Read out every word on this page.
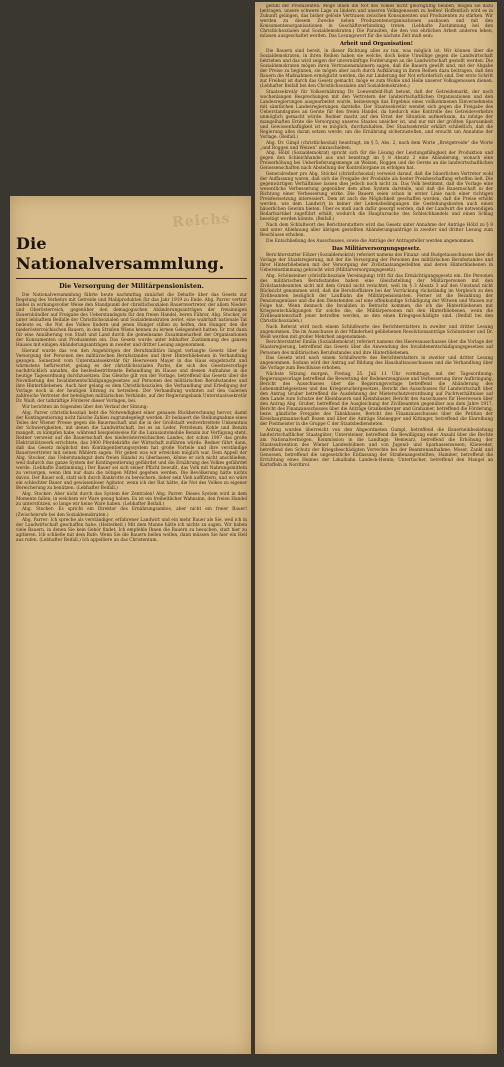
Reichs
Die Nationalversammlung.
Die Versorgung der Militärpensionisten.

Die Nationalversammlung führte heute nachmittag zunächst die Debatte über das Gesetz zur Regelung des Verkehrs mit Getreide und Mahlprodukten für das Jahr 1919 zu Ende. Abg. Parrer vertrat hiebei in wirkungsvoller Weise den Standpunkt der christlichsozialen Bauernvertreter, der allem Nieder- und Oberösterreich, gegenüber den demagogischen Abänderungsanträgen der freisinnigen Bauernbündler auf Freigabe des Ueberstandsguts für den freien Handel, beren Führer, Abg. Stocker, er unter lebhaftem Beifalle der Christlichsozialen und Sozialdemokraten zeriet, eine wahrhaft nationale Tat bedeute es, die Not des Volkes lindern und jenen Hunger stillen zu helfen, den Hunger, den die niederösterreichischen Bauern, in den Straßen Wiens kennen zu lernen Gelegenheit hatten. Er trat dann für eine Annäherung von Stadt und Land durch die gemeinsame Zusammenarbeit der Organisationen der Konsumenten und Produzenten ein. Das Gesetz wurde unter lebhafter Zustimmung des ganzen Hauses mit einigen Abänderungsanträgen in zweiter und dritter Lesung angenommen.

Hierauf wurde das von den Angehörigen der Berufsmilitärs längst verlangte Gesetz über die Versorgung der Personen des militärischen Berufsstandes und ihrer Hinterbliebenen in Verhandlung gezogen. Seinerzeit vom Unterstaatssekretär für Heerwesen Mayer in das Haus eingebracht und wärmstens befürwortet, gelang es der christlichsozialen Partei, die sich des Gesetzesvorlage nachdrücklich annahm, die hesfesbestrittenste Behandlung im Hause und dessen Aufnahme in die heutige Tagesordnung durchzusetzen. Das Gleiche gilt von der Vorlage, betreffend das Gesetz über die Novellierung des Invalidenentschädigungsgesetzes auf Personen des militärischen Berufsstandes und ihre Hinterbliebenen. Auch hier gelang es dem Christlichsozialen, die Verhandlung und Erledigung der Vorlage noch in der heutigen Sitzung zu betreiben. Der Verhandlung wohnten auf den Galerien zahlreiche Vertreter der beteiligten militärischen Verbände, auf der Regierungsbank Unterstaatssekretär Dr. Waiß, der tatkräftige Förderer dieser Vorlagen, bei.

Wir berichten im folgenden über den Verlauf der Sitzung:

Abg. Parrer (christlichsozial) hebt die Notwendigkeit einer genauen Rückberechnung hervor, damit der Kontingentierung nicht falsche Zahlen zugrundegelegt werden. Er bedauert die Stellungnahme eines Teiles der Wiener Presse gegen die Bauernschaft und die in der Großstadt weitverbreitete Unkenntnis der Schwierigkeiten, mit denen die Landwirtschaft, bei es an Leder, Petroleum, Kohle und Benzin mangelt, zu kämpfen habe, während beispielsweise für die Luxusautomobile Benzin zur Verfügung steht. Redner verweist auf die Bauernschaft des niederösterreichischen Landes, der schon 1907 das große Elektrizitätswerk errichtete, das 3400 Pferdekräfte der Wirtschaft zuführen würde. Redner führt dann, daß das Gesetz möglichst den Kontingentierungssystem hat große Vorteile und ihre verständige Bauernvertreter mit seinen Wählern sagen: Wir geben was wir erreichen möglich war. Dem Appell der Abg. Stocker, das Ueberstandsgut dem freien Handel zu überlassen, könne er sich nicht anschließen, weil dadurch das ganze System der Kontingentierung gefährdet und die Ernährung des Volkes gefährdet werde. (Lebhafte Zustimmung.) Der Bauer sei sich seiner Pflicht bewußt, das Volk mit Nahrungsmitteln zu versorgen, wenn ihm nur dazu die nötigen Mittel gegeben werden. Die Bevölkerung hätte nichts davon. Der Bauer soll, statt sich durch Bankrotte zu bereichern, lieber sein Vieh auffüttern, und wo wäre ein schlechter Bauer und gewissenloser Agitator, wenn ich der Rat hätte, die Not des Volkes zu eigener Bereicherung zu benützen. (Lebhafter Beifall.)

Abg. Stocker: Aber nicht durch das System der Zentralen! Abg. Parrer: Dieses System wird in dem Momente fallen, in welchem wir Ware genug haben. Es ist ein freiheitlicher Wahnsinn, den freien Handel zu unterstützen, so lange wir keine Ware haben. (Lebhafter Beifall.)

Abg. Stocker: Es spricht ein Direktor des Ernährungsamtes, aber nicht ein freier Bauer! (Zwischenrufe bei den Sozialdemokraten.)

Abg. Parrer: Ich spreche als verständiger, erfahrener Landwirt und ein mehr Bauer als Sie, weil ich in der Landwirtschaft geschaffen habe. (Heiterkeit.) Mit dem Manne hätte ich nichts zu sagen. Wir haben viele Bauern, in denen Sie kein Gehör findet. Ich empfehle Ihnen die Bauern zu besuchen, statt hier zu agitieren. Ich schließe mit dem Rufe: Wenn Sie die Bauern heilen wollen, dann müssen Sie hier ein Heil aus rufen. (Lebhafter Beifall.) Ich appelliere an das Christentum.

gefühl der Produzenten: Möge ihnen die Not des Volkes nicht gleichgültig bleiben, mögen sie dazu beitragen, unsere schwere Lage zu lindern und unseren Volksgenossen zu helfen! Hoffentlich wird es in Zukunft gelingen, das bisher gelöste Vertrauen zwischen Konsumenten und Produzenten zu stärken. Wir werden zu diesem Zwecke neben Produzentenorganisationen ausbauen und mit den Konsumentenorganisationen in Geschäftsverbindung treten. (Lebhafte Zustimmung bei den Christlichsozialen und Sozialdemokraten.) Die Parasiten, die den von ehrlichen Arbeit anderen leben, müssen ausgeschaltet werden. Das Losungswort für die nächste Zeit muß sein:

Arbeit und Organisation!

Die Bauern sind bereit, in dieser Richtung alles zu tun, was möglich ist. Wir können über die Sozialdemokraten, in ihren Reihen haben sie welche, doch keine Unwillige gegen die Landwirtschaft betrieben und das wird zeigen der unvernünftige Forderungen an die Landwirtschaft gestellt werden. Die Sozialdemokraten mögen ihren Vertrauensmännern sagen, daß die Bauern gewillt sind, mit der Abgabe der Preise zu beginnen, sie mögen aber auch durch Aufklärung in ihren Reihen dazu beitragen, daß den Bauern die Maßnahmen ermöglicht werden, die zur Linderung der Not erforderlich sind. Der erste Schritt zur Freiheit ist durch das Gesetz gemacht, möge es zum Wohle und Heile unserer Volksgenossen dienen. (Lebhafter Beifall bei den Christlichsozialen und Sozialdemokraten.)

Staatssekretär für Volksernährung Dr. Loewenfeld-Ruß betont, daß der Getreidemarkt, der nach wochenlangen Besprechungen mit den Vertretern der landwirtschaftlichen Organisationen und den Landesregierungen ausgearbeitet wurde, keineswegs das Ergebnis eines vollkommenen Einvernehmens mit sämtlichen Landesregierungen darstelle. Der Staatssekretär wendet sich gegen die Freigabe des Ueberstandsgutes an Gerste für den freien Handel, da hiedurch eine Kontrolle des Getreideverkehrs unmöglich gemacht würde. Redner macht auf den Ernst der Situation aufmerksam, da infolge der mangelhaften Ernte die Versorgung unseres Staates unsicher ist, und nur mit der größten Sparsamkeit und Gewissenhaftigkeit ist es möglich, durchzuhalten. Der Staatssekretär erklärt schließlich, daß die Regierung alles daran setzen werde, um die Ernährung sicherzustellen, und ersucht um Annahme der Vorlage. (Beifall.)

Abg. Dr. Gimpl (christlichsozial) beantragt, im § 5, Abs. 2, nach dem Worte „Brotgetreide“ die Worte „und Roggen und Weizen“ einzuschieben.

Abg. Hölzl (Sozialdemokrat) spricht sich für die Lösung der Leistungsfähigkeit der Produktion und gegen den Schleichhandel aus und beantragt im § 8 Absatz 2 eine Abänderung, wonach eine Preiserhöhung bei Ueberlieferungsmenge an Weizen, Roggen und die Gerste an die landwirtschaftlichen Genossenschaften nach Abstellung der Kontrollorgane zu erfolgen hat.

Generalredner pro Abg. Stöckel (christlichsozial) verweist darauf, daß die bäuerlichen Vertreter wohl der Auffassung waren, daß sich die Freigabe der Produkte als bester Preisbeschaffung erhoffen ließ. Die gegenwärtigen Verhältnisse lassen dies jedoch noch nicht zu. Das Volk bestimmt, daß die Vorlage eine wesentliche Verbesserung gegenüber dem alten System darstelle, und daß die Bauernschaft in der Richtung einer Verbesserung wirke. Die Bauern seien schon in erster Linie nach einer richtigen Preisfestsetzung interessiert. Dem ist auch die Möglichkeit geschaffen worden, daß die Preise erhöht werden, wie dem Landwirt in keiner der Lebensbedingungen die Gestehungskosten auch einen bäuerlichen Gewinn bieten. Über es muß auch dafür gesorgt werden, daß der Landwirt die notwendigen Bedarfsartikel zugeführt erhält, wodurch die Hauptursache des Schleichhandels und einen Schlag beseitigt werden könnte. (Beifall.)

Nach dem Schlußwort des Berichterstatters wird das Gesetz unter Annahme der Anträge Hölzl zu § 8 und unter Ablehnung aller übrigen gestellten Abänderungsanträge in zweiter und dritter Lesung zum Beschlusse erhoben.

Die Entschließung des Ausschusses, sowie die Anträge der Antragsteller werden angenommen.

Das Militärversorgungsgesetz.

Berichterstatter Eölzer (Sozialdemokrat) referiert namens des Finanz- und Budgetausschusses über die Vorlage der Staatsregierung, mit der die Versorgung der Personen des militärischen Berufsstandes und ihrer Hinterbliebenen mit der Versorgung der Zivilstaatsangestellten und deren Hinterbliebenen in Uebereinstimmung gebracht wird (Militärversorgungsgesetz).

Abg. Schönsteiner (christlichsoziale Vereinigung) tritt für das Ermächtigungsgesetz ein. Die Personen des militärischen Berufsstandes haben eine Gleichstellung der Militärpersonen mit den Zivilstaatsbeamten sicht mit dem Grund nicht verachtet, weil im § 3 Absatz 3 auf den Umstand nicht Rücksicht genommen wird, daß die Berufsoffiziere bei der Vorrückung rückständig im Vergleich zu den Zivilbeamten bezüglich der Laufbahn die Militärpensionisten. Ferner ist die Bezahlung der Pensionsgenüsse und die den Dienstenden auf eine offenkundige Schädigung der Witwen und Waisen zur Folge hat. Wenn dennoch die Invaliden in Betracht kommen, die ich die Hinterbliebenen mit Kriegsentschädigungen für solche die, die Militärpersonen mit den Hinterbliebenen, wenn die Zivilbeamtenschaft jener betroffen werden, so den einen Kriegsgeschädigte sind. (Beifall bei den Christlichsozialen.)

Nach Referat wird noch einem Schlußworte des Berichterstatters in zweiter und dritter Lesung angenommen. Die im Ausschusse in der Minderheit gebliebenen Resolutionsanträge Schönsteiner und Dr. Weiß werden mit großer Mehrheit angenommen.

Berichterstatter Emilia (Sozialdemokrat) referiert namens des Heeresausschusses über die Vorlage der Staatsregierung, betreffend das Gesetz über die Anwendung des Invalidenentschädigungsgesetzes auf Personen des militärischen Berufsstandes und ihre Hinterbliebenen.

Das Gesetz wird nach einem Schlußworte des Berichterstatters in zweiter und dritter Lesung angenommen. Sodann wird der Antrag auf Bildung des Haushaltsausschusses und die Verhandlung über die Vorlage zum Beschlusse erhoben.

Nächste Sitzung morgen, Freitag, 25. Juli 11 Uhr vormittags, mit der Tagesordnung: Regierungsvorlage betreffend die Bewertung der Bodenerzeugnisse und Verbesserung ihrer Aufbringung, Bericht des Ausschusses über die Regierungsvorlage betreffend die Abänderung des Lebensmittelgesetzes und des Kriegswuchergesetzes, Bericht des Ausschusses für Landwirtschaft über den Antrag Gruber betreffend die Ausdehnung der Mieterschutzverordnung auf Pachtverhältnisse auf dem Lande zum Schutze der Kleinbauern und Kleinhäusler, Bericht des Ausschusses für Heerwesen über den Antrag Abg. Gruber, betreffend die Ausgleichung der Zivilbeamten gegenüber aus dem Jahre 1917, Bericht des Finanzausschusses über die Anträge Grankenberger und Grahamer, betreffend die Förderung, bezw. gänzliche Freigabe des Tabakbaues, Bericht des Finanzausschusses über die Petition der Kreishauptmannschaft Bozen und über die Anträge Steinegger und Kittinger, betreffend die Einreihung der Postmeister in die Gruppe C der Staatsbediensteten.

Antrag wurden überreicht von den Abgeordneten Gumpl, betreffend die Bauerneinbeziehung landwirtschaftlicher Staatsgüter; Untersteiner, betreffend die Bewilligung einer Anzahl über die Rechte am Nationalvermögen, Kommission in die Landtags; Hemwarz, betreffend die Erhöhung der Staatssubvention des Wiener Landesbühnen und von Jugend- und Sparkassenwesen; Klieweder, betreffend den Schutz der Kriegsbeschädigten Vorrechte bei der Beamtenaufnahme; Moser, Zankl und Genossen, betreffend die ungesetzliche Entlassung der Straßenangestellten; Hammer, betreffend die Errichtung eines Heimes der Lokalbahn Landeck-Hemm; Untertischer, betreffend den Mangel an Kartoffeln in Nordtirol.
